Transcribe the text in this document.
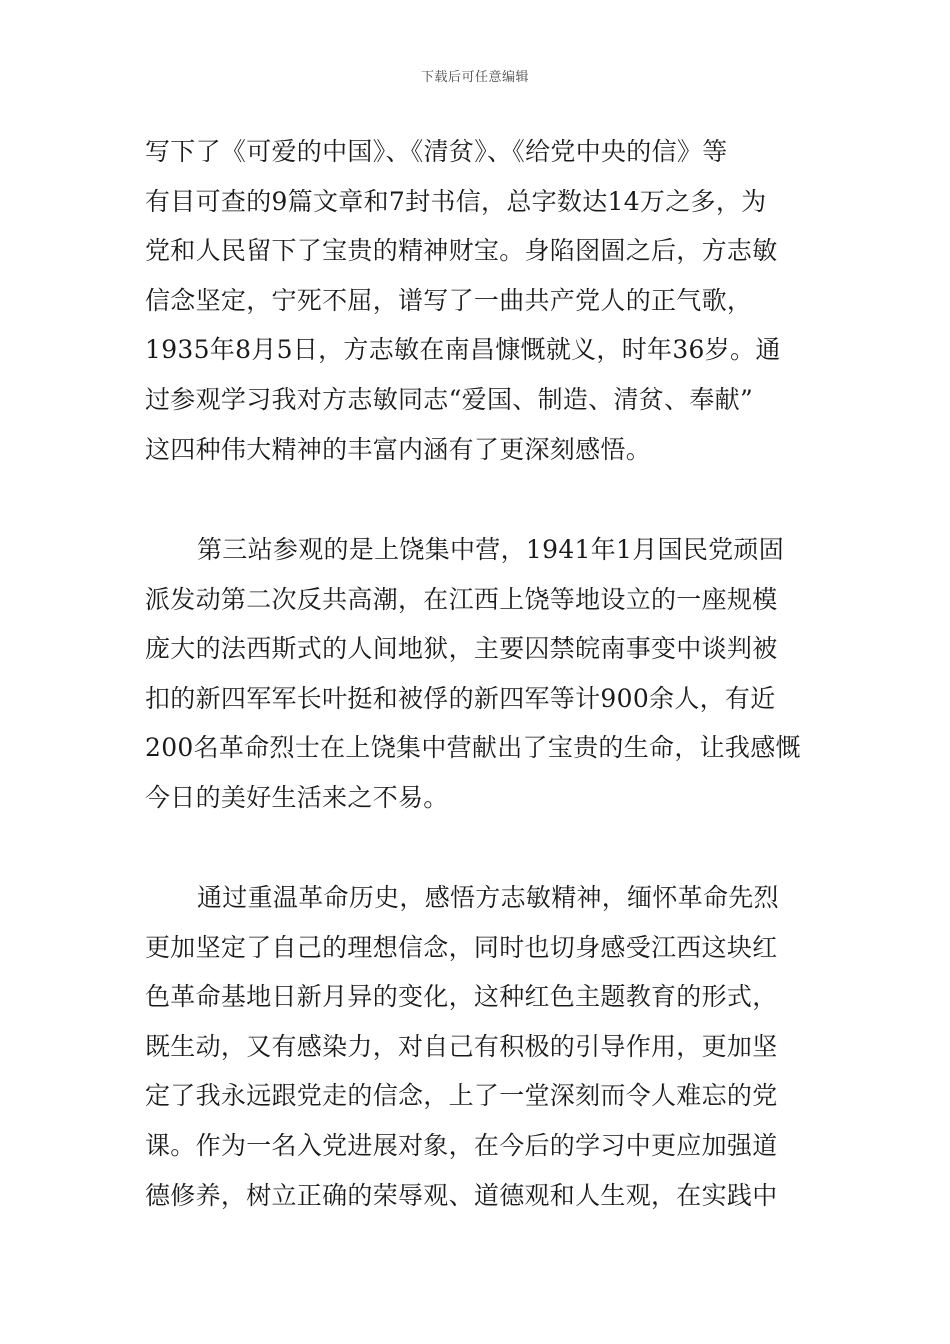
下载后可任意编辑
写下了《可爱的中国》、《清贫》、《给党中央的信》等
有目可查的9篇文章和7封书信，总字数达14万之多，为
党和人民留下了宝贵的精神财宝。身陷囹圄之后，方志敏
信念坚定，宁死不屈，谱写了一曲共产党人的正气歌，
1935年8月5日，方志敏在南昌慷慨就义，时年36岁。通
过参观学习我对方志敏同志“爱国、制造、清贫、奉献”
这四种伟大精神的丰富内涵有了更深刻感悟。
第三站参观的是上饶集中营，1941年1月国民党顽固
派发动第二次反共高潮，在江西上饶等地设立的一座规模
庞大的法西斯式的人间地狱，主要囚禁皖南事变中谈判被
扣的新四军军长叶挺和被俘的新四军等计900余人，有近
200名革命烈士在上饶集中营献出了宝贵的生命，让我感慨
今日的美好生活来之不易。
通过重温革命历史，感悟方志敏精神，缅怀革命先烈
更加坚定了自己的理想信念，同时也切身感受江西这块红
色革命基地日新月异的变化，这种红色主题教育的形式，
既生动，又有感染力，对自己有积极的引导作用，更加坚
定了我永远跟党走的信念，上了一堂深刻而令人难忘的党
课。作为一名入党进展对象，在今后的学习中更应加强道
德修养，树立正确的荣辱观、道德观和人生观，在实践中
